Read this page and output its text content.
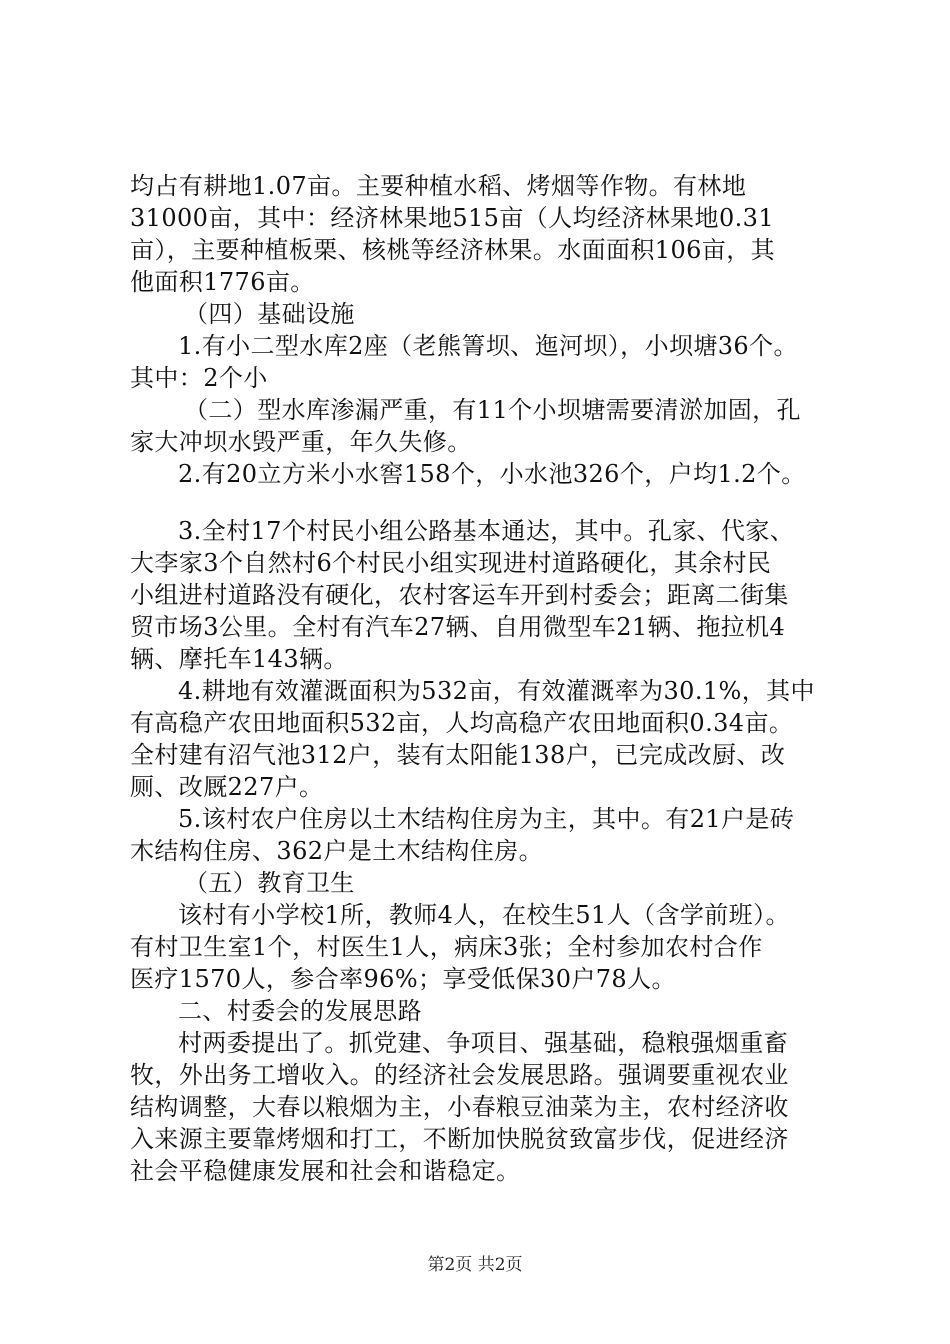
均占有耕地1.07亩。主要种植水稻、烤烟等作物。有林地
31000亩，其中：经济林果地515亩（人均经济林果地0.31
亩），主要种植板栗、核桃等经济林果。水面面积106亩，其
他面积1776亩。
（四）基础设施
1.有小二型水库2座（老熊箐坝、迤河坝），小坝塘36个。
其中：2个小
（二）型水库渗漏严重，有11个小坝塘需要清淤加固，孔
家大冲坝水毁严重，年久失修。
2.有20立方米小水窖158个，小水池326个，户均1.2个。
3.全村17个村民小组公路基本通达，其中。孔家、代家、
大李家3个自然村6个村民小组实现进村道路硬化，其余村民
小组进村道路没有硬化，农村客运车开到村委会；距离二街集
贸市场3公里。全村有汽车27辆、自用微型车21辆、拖拉机4
辆、摩托车143辆。
4.耕地有效灌溉面积为532亩，有效灌溉率为30.1%，其中
有高稳产农田地面积532亩，人均高稳产农田地面积0.34亩。
全村建有沼气池312户，装有太阳能138户，已完成改厨、改
厕、改厩227户。
5.该村农户住房以土木结构住房为主，其中。有21户是砖
木结构住房、362户是土木结构住房。
（五）教育卫生
该村有小学校1所，教师4人，在校生51人（含学前班）。
有村卫生室1个，村医生1人，病床3张；全村参加农村合作
医疗1570人，参合率96%；享受低保30户78人。
二、村委会的发展思路
村两委提出了。抓党建、争项目、强基础，稳粮强烟重畜
牧，外出务工增收入。的经济社会发展思路。强调要重视农业
结构调整，大春以粮烟为主，小春粮豆油菜为主，农村经济收
入来源主要靠烤烟和打工，不断加快脱贫致富步伐，促进经济
社会平稳健康发展和社会和谐稳定。
第2页 共2页
